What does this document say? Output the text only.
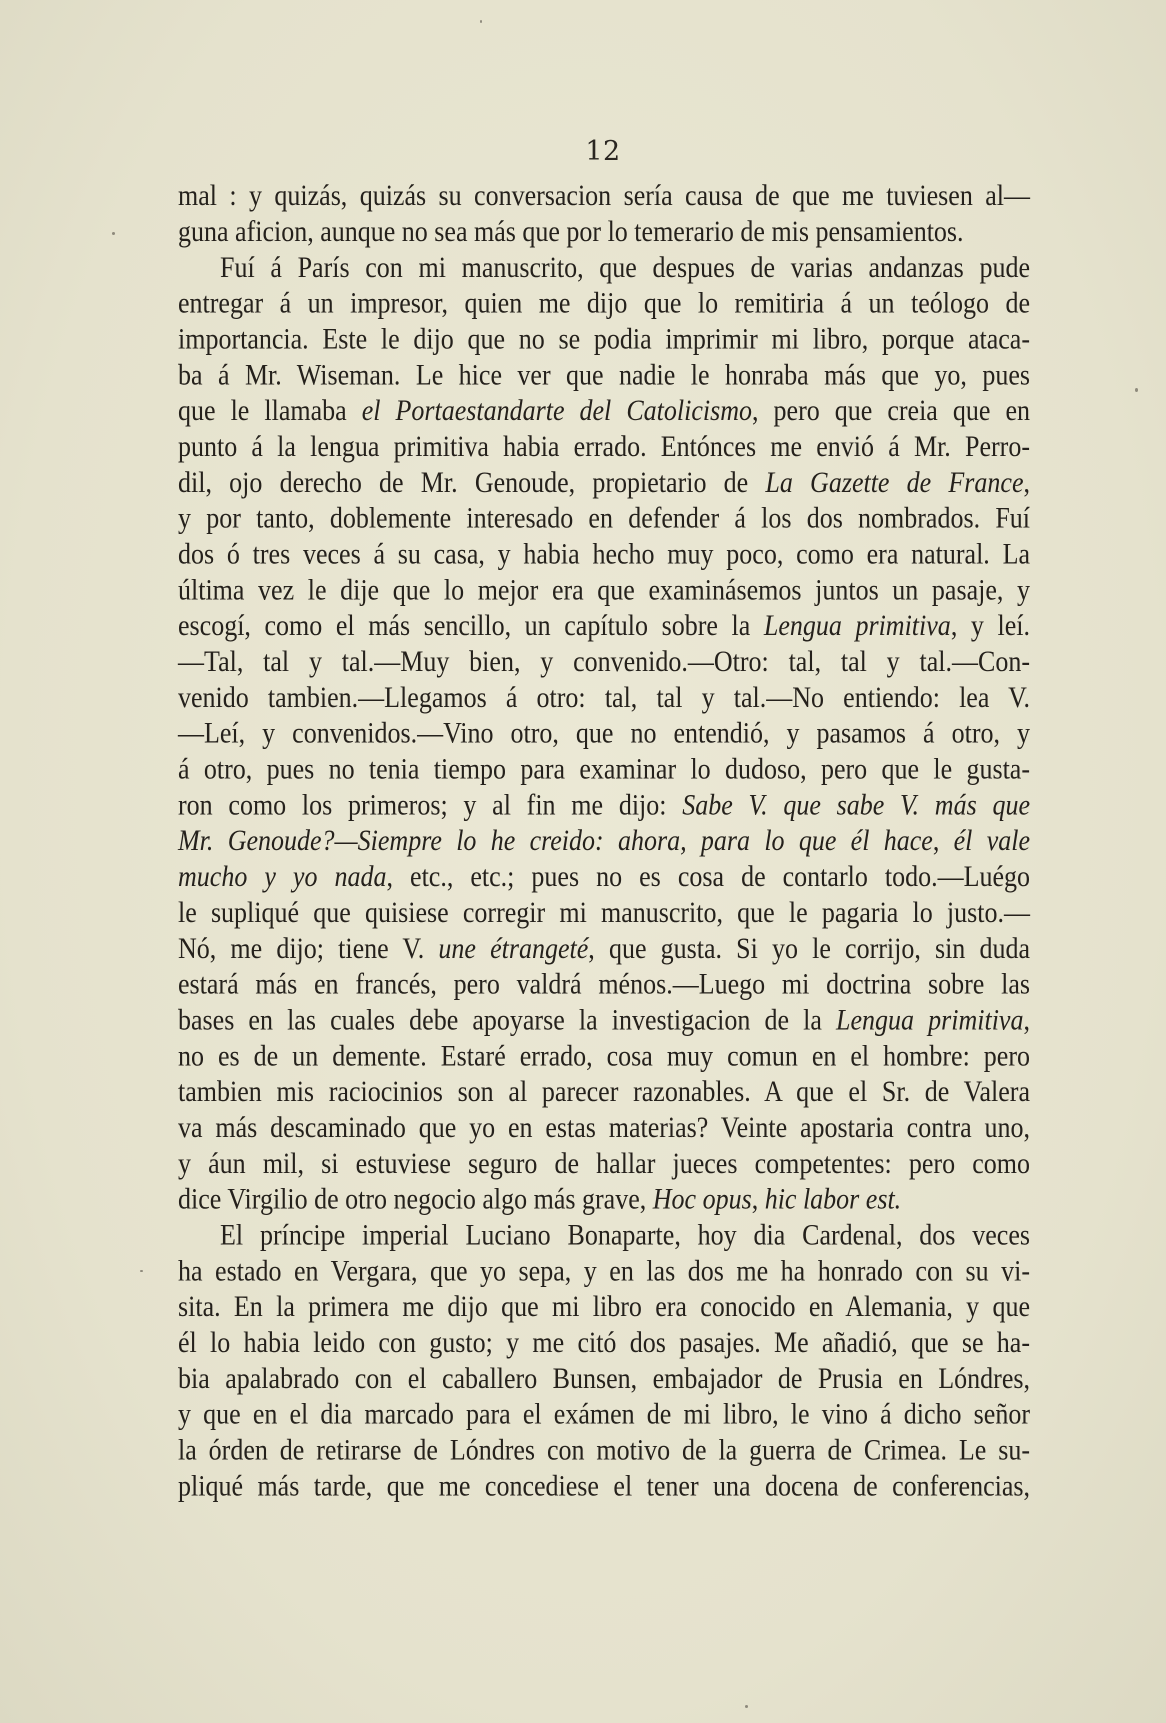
12
mal : y quizás, quizás su conversacion sería causa de que me tuviesen al—
guna aficion, aunque no sea más que por lo temerario de mis pensamientos.
Fuí á París con mi manuscrito, que despues de varias andanzas pude
entregar á un impresor, quien me dijo que lo remitiria á un teólogo de
importancia. Este le dijo que no se podia imprimir mi libro, porque ataca-
ba á Mr. Wiseman. Le hice ver que nadie le honraba más que yo, pues
que le llamaba el Portaestandarte del Catolicismo, pero que creia que en
punto á la lengua primitiva habia errado. Entónces me envió á Mr. Perro-
dil, ojo derecho de Mr. Genoude, propietario de La Gazette de France,
y por tanto, doblemente interesado en defender á los dos nombrados. Fuí
dos ó tres veces á su casa, y habia hecho muy poco, como era natural. La
última vez le dije que lo mejor era que examinásemos juntos un pasaje, y
escogí, como el más sencillo, un capítulo sobre la Lengua primitiva, y leí.
—Tal, tal y tal.—Muy bien, y convenido.—Otro: tal, tal y tal.—Con-
venido tambien.—Llegamos á otro: tal, tal y tal.—No entiendo: lea V.
—Leí, y convenidos.—Vino otro, que no entendió, y pasamos á otro, y
á otro, pues no tenia tiempo para examinar lo dudoso, pero que le gusta-
ron como los primeros; y al fin me dijo: Sabe V. que sabe V. más que
Mr. Genoude?—Siempre lo he creido: ahora, para lo que él hace, él vale
mucho y yo nada, etc., etc.; pues no es cosa de contarlo todo.—Luégo
le supliqué que quisiese corregir mi manuscrito, que le pagaria lo justo.—
Nó, me dijo; tiene V. une étrangeté, que gusta. Si yo le corrijo, sin duda
estará más en francés, pero valdrá ménos.—Luego mi doctrina sobre las
bases en las cuales debe apoyarse la investigacion de la Lengua primitiva,
no es de un demente. Estaré errado, cosa muy comun en el hombre: pero
tambien mis raciocinios son al parecer razonables. A que el Sr. de Valera
va más descaminado que yo en estas materias? Veinte apostaria contra uno,
y áun mil, si estuviese seguro de hallar jueces competentes: pero como
dice Virgilio de otro negocio algo más grave, Hoc opus, hic labor est.
El príncipe imperial Luciano Bonaparte, hoy dia Cardenal, dos veces
ha estado en Vergara, que yo sepa, y en las dos me ha honrado con su vi-
sita. En la primera me dijo que mi libro era conocido en Alemania, y que
él lo habia leido con gusto; y me citó dos pasajes. Me añadió, que se ha-
bia apalabrado con el caballero Bunsen, embajador de Prusia en Lóndres,
y que en el dia marcado para el exámen de mi libro, le vino á dicho señor
la órden de retirarse de Lóndres con motivo de la guerra de Crimea. Le su-
pliqué más tarde, que me concediese el tener una docena de conferencias,
